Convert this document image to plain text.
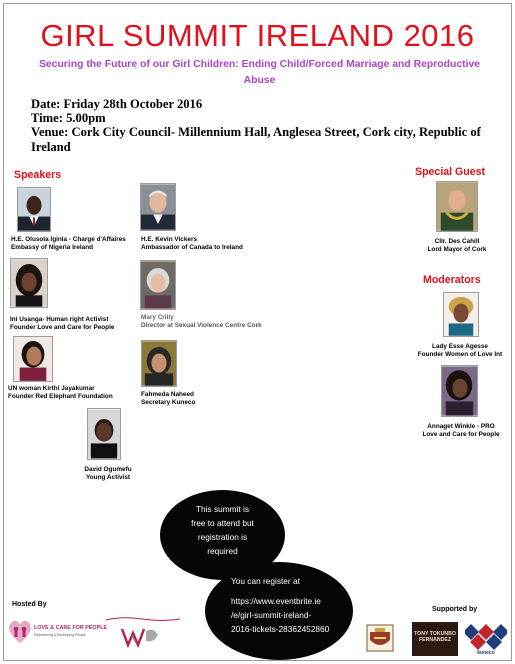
GIRL SUMMIT IRELAND 2016
Securing the Future of our Girl Children: Ending Child/Forced Marriage and Reproductive Abuse
Date: Friday 28th October 2016
Time: 5.00pm
Venue: Cork City Council- Millennium Hall, Anglesea Street, Cork city, Republic of Ireland
Speakers	Special Guest
Moderators
H.E. Olusola Iginla - Chargé d'Affaires
Embassy of Nigeria Ireland
H.E. Kevin Vickers
Ambassador of Canada to Ireland
Ini Usanga- Human right Activist
Founder Love and Care for People
Mary Crilly
Director at Sexual Violence Centre Cork
UN woman Kirthi Jayakumar
Founder Red Elephant Foundation	Fahmeda Naheed
Secretary Kuneco
David Ogumefu
Young Activist
Cllr. Des Cahill
Lord Mayor of Cork
Lady Esse Agesse
Founder Women of Love Int
Annaget Winkle - PRO
Love and Care for People
This summit is
free to attend but
registration is
required
You can register at
https://www.eventbrite.ie
/e/girl-summit-ireland-
2016-tickets-28362452860
Hosted By
Supported by
LOVE & CARE FOR PEOPLE
Empowering & Developing People	TONY TOKUNBO FERNANDEZ
kuneco
